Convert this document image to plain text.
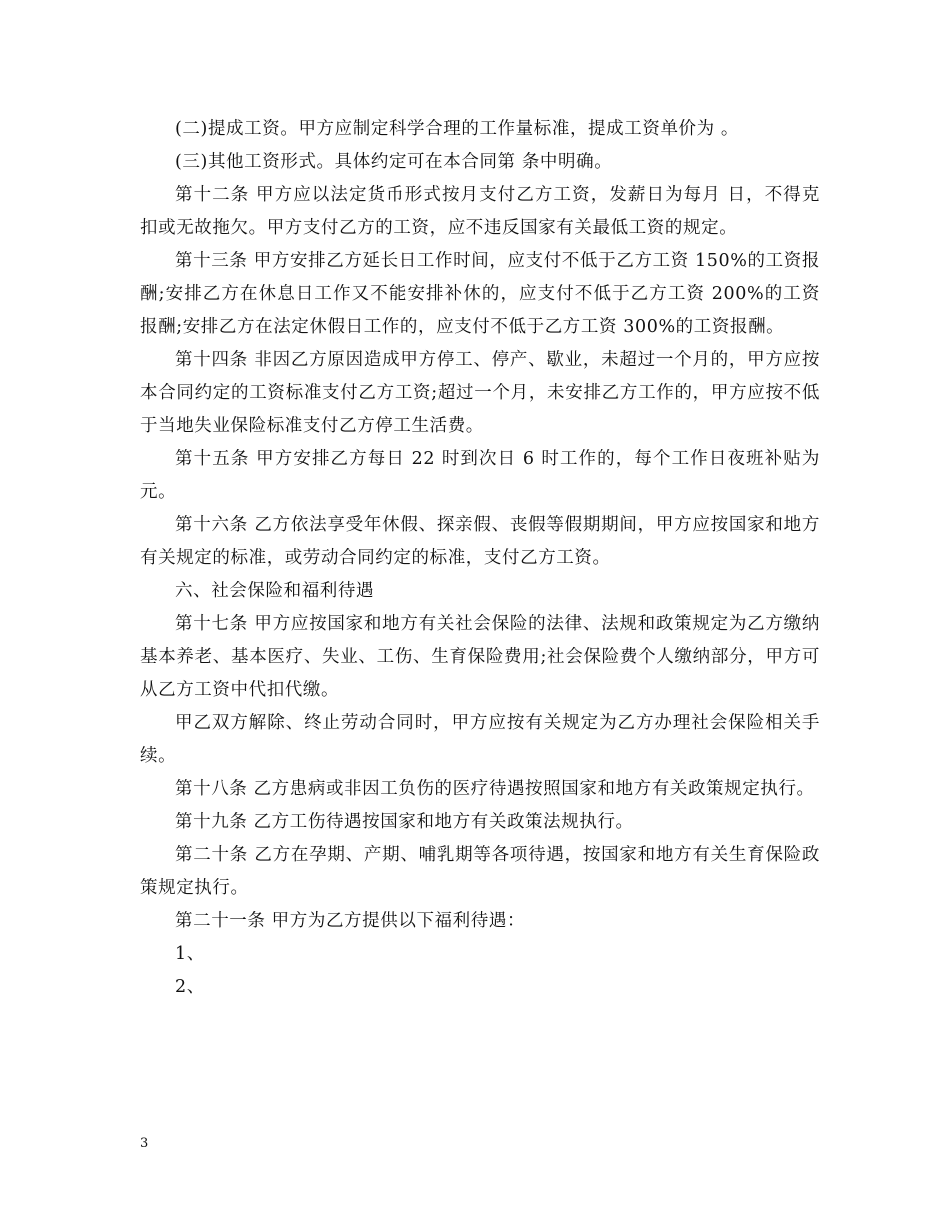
(二)提成工资。甲方应制定科学合理的工作量标准，提成工资单价为 。

(三)其他工资形式。具体约定可在本合同第 条中明确。

第十二条 甲方应以法定货币形式按月支付乙方工资，发薪日为每月 日，不得克扣或无故拖欠。甲方支付乙方的工资，应不违反国家有关最低工资的规定。

第十三条 甲方安排乙方延长日工作时间，应支付不低于乙方工资 150%的工资报酬;安排乙方在休息日工作又不能安排补休的，应支付不低于乙方工资 200%的工资报酬;安排乙方在法定休假日工作的，应支付不低于乙方工资 300%的工资报酬。

第十四条 非因乙方原因造成甲方停工、停产、歇业，未超过一个月的，甲方应按本合同约定的工资标准支付乙方工资;超过一个月，未安排乙方工作的，甲方应按不低于当地失业保险标准支付乙方停工生活费。

第十五条 甲方安排乙方每日 22 时到次日 6 时工作的，每个工作日夜班补贴为 元。

第十六条 乙方依法享受年休假、探亲假、丧假等假期期间，甲方应按国家和地方有关规定的标准，或劳动合同约定的标准，支付乙方工资。

六、社会保险和福利待遇

第十七条 甲方应按国家和地方有关社会保险的法律、法规和政策规定为乙方缴纳基本养老、基本医疗、失业、工伤、生育保险费用;社会保险费个人缴纳部分，甲方可从乙方工资中代扣代缴。

甲乙双方解除、终止劳动合同时，甲方应按有关规定为乙方办理社会保险相关手续。

第十八条 乙方患病或非因工负伤的医疗待遇按照国家和地方有关政策规定执行。

第十九条 乙方工伤待遇按国家和地方有关政策法规执行。

第二十条 乙方在孕期、产期、哺乳期等各项待遇，按国家和地方有关生育保险政策规定执行。

第二十一条 甲方为乙方提供以下福利待遇：

1、

2、

3
